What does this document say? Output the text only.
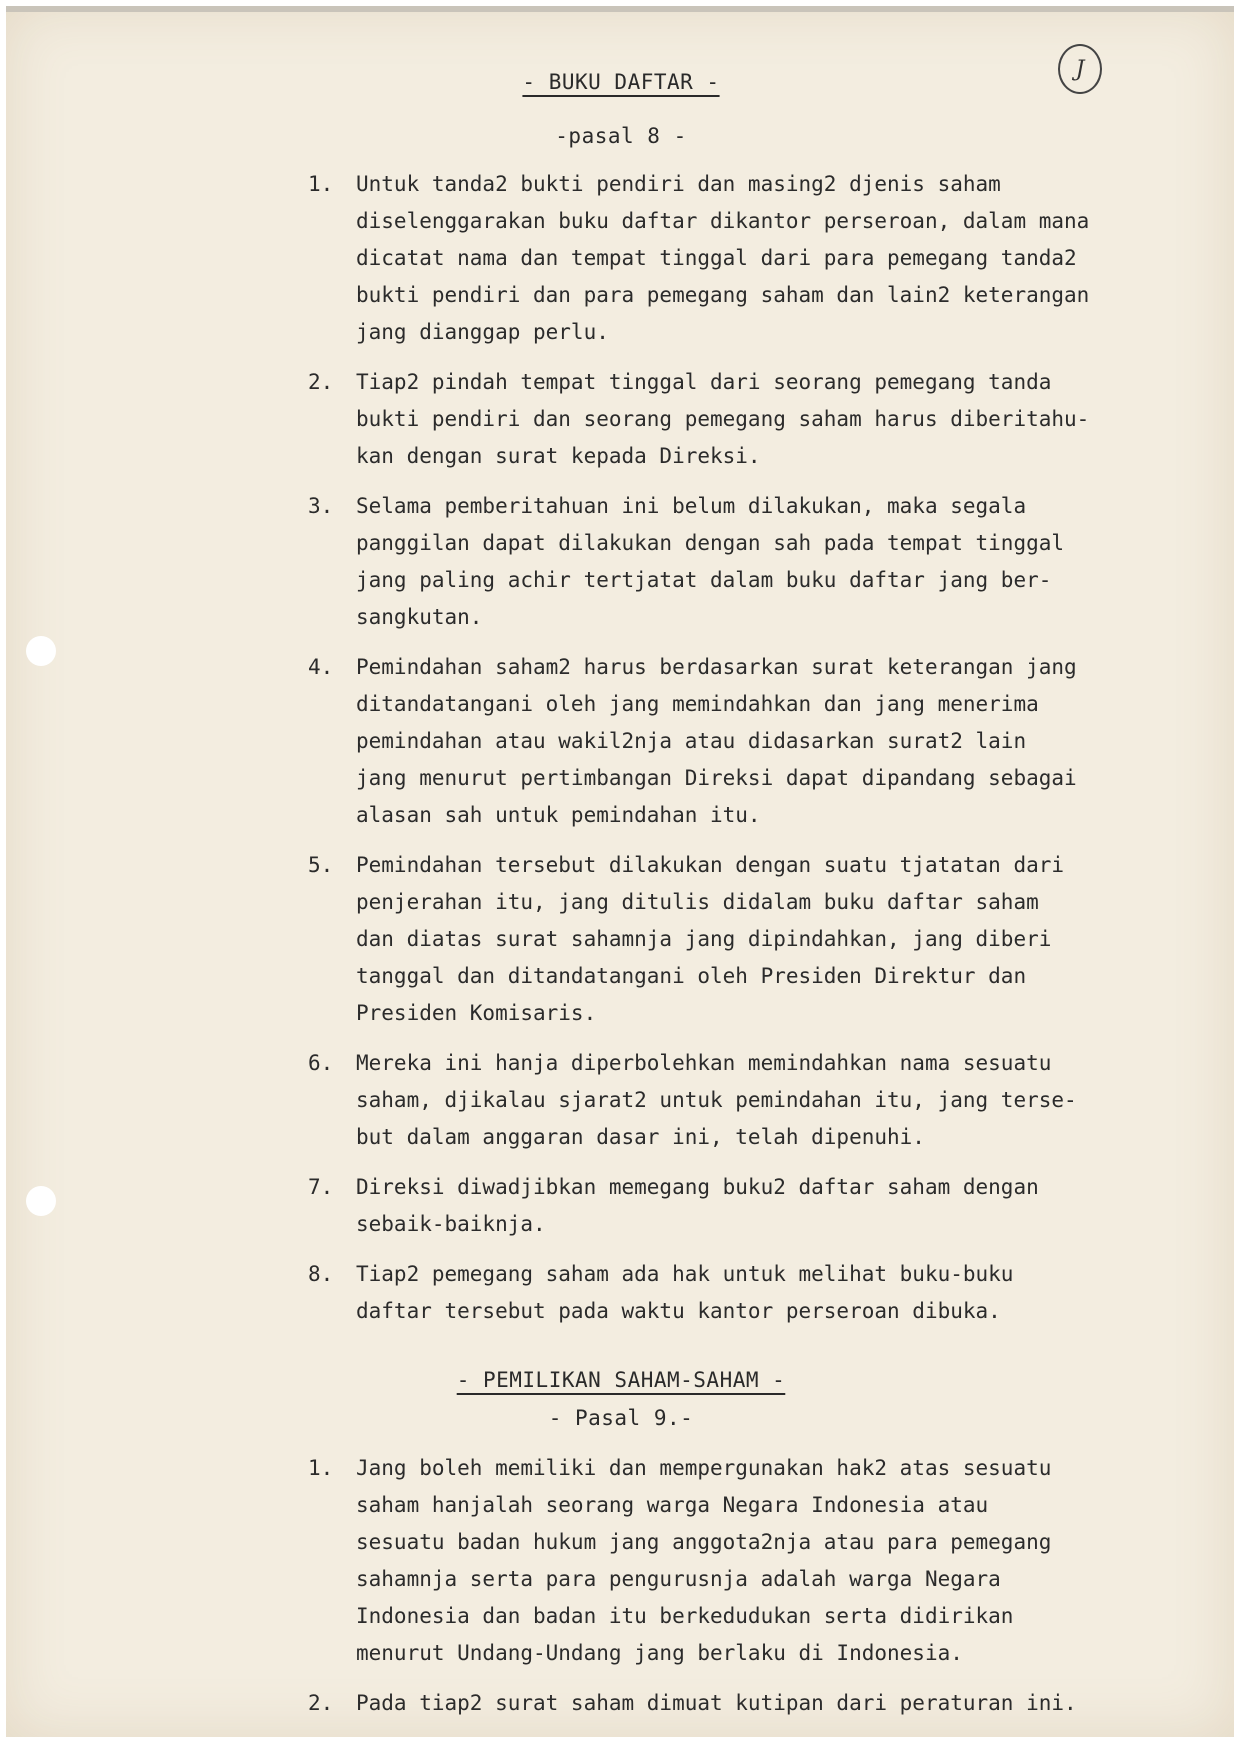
J
- BUKU DAFTAR -
-pasal 8 -
1. Untuk tanda2 bukti pendiri dan masing2 djenis saham
diselenggarakan buku daftar dikantor perseroan, dalam mana
dicatat nama dan tempat tinggal dari para pemegang tanda2
bukti pendiri dan para pemegang saham dan lain2 keterangan
jang dianggap perlu.
2. Tiap2 pindah tempat tinggal dari seorang pemegang tanda
bukti pendiri dan seorang pemegang saham harus diberitahu-
kan dengan surat kepada Direksi.
3. Selama pemberitahuan ini belum dilakukan, maka segala
panggilan dapat dilakukan dengan sah pada tempat tinggal
jang paling achir tertjatat dalam buku daftar jang ber-
sangkutan.
4. Pemindahan saham2 harus berdasarkan surat keterangan jang
ditandatangani oleh jang memindahkan dan jang menerima
pemindahan atau wakil2nja atau didasarkan surat2 lain
jang menurut pertimbangan Direksi dapat dipandang sebagai
alasan sah untuk pemindahan itu.
5. Pemindahan tersebut dilakukan dengan suatu tjatatan dari
penjerahan itu, jang ditulis didalam buku daftar saham
dan diatas surat sahamnja jang dipindahkan, jang diberi
tanggal dan ditandatangani oleh Presiden Direktur dan
Presiden Komisaris.
6. Mereka ini hanja diperbolehkan memindahkan nama sesuatu
saham, djikalau sjarat2 untuk pemindahan itu, jang terse-
but dalam anggaran dasar ini, telah dipenuhi.
7. Direksi diwadjibkan memegang buku2 daftar saham dengan
sebaik-baiknja.
8. Tiap2 pemegang saham ada hak untuk melihat buku-buku
daftar tersebut pada waktu kantor perseroan dibuka.
- PEMILIKAN SAHAM-SAHAM -
- Pasal 9.-
1. Jang boleh memiliki dan mempergunakan hak2 atas sesuatu
saham hanjalah seorang warga Negara Indonesia atau
sesuatu badan hukum jang anggota2nja atau para pemegang
sahamnja serta para pengurusnja adalah warga Negara
Indonesia dan badan itu berkedudukan serta didirikan
menurut Undang-Undang jang berlaku di Indonesia.
2. Pada tiap2 surat saham dimuat kutipan dari peraturan ini.
